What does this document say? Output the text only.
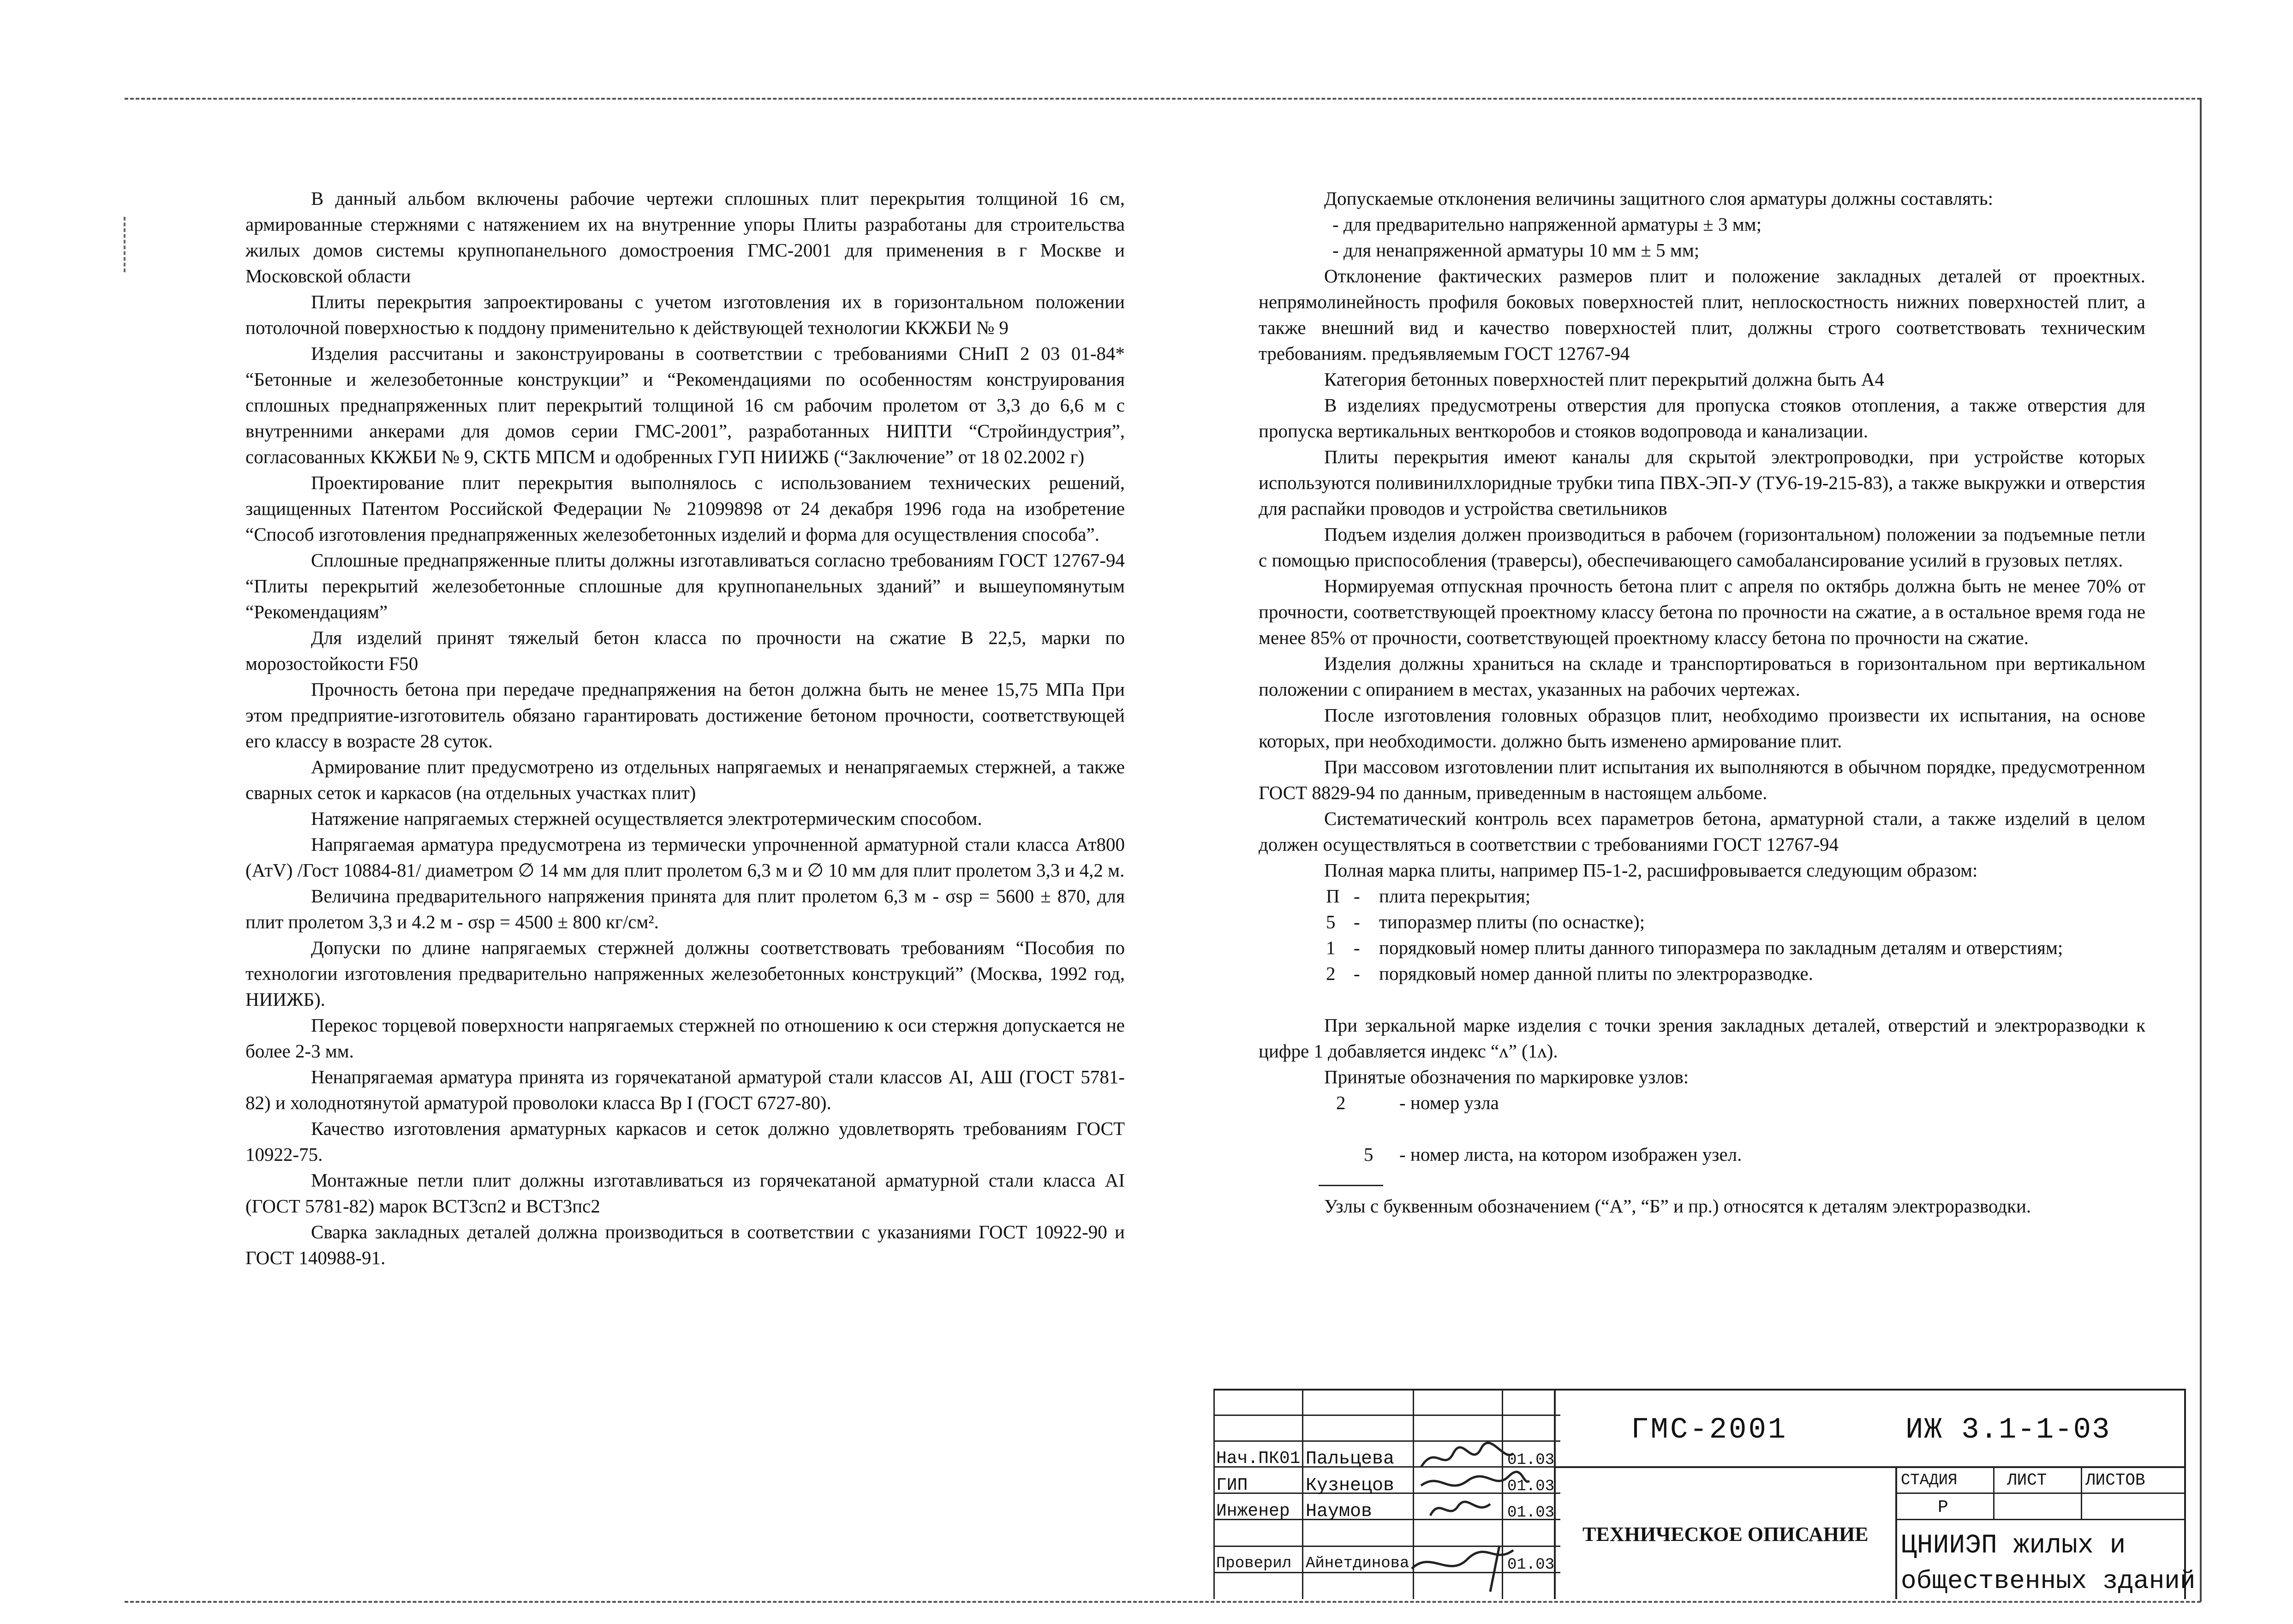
В данный альбом включены рабочие чертежи сплошных плит перекрытия толщиной 16 см, армированные стержнями с натяжением их на внутренние упоры Плиты разработаны для строительства жилых домов системы крупнопанельного домостроения ГМС-2001 для применения в г Москве и Московской области

Плиты перекрытия запроектированы с учетом изготовления их в горизонтальном положении потолочной поверхностью к поддону применительно к действующей технологии ККЖБИ № 9

Изделия рассчитаны и законструированы в соответствии с требованиями СНиП 2 03 01-84* “Бетонные и железобетонные конструкции” и “Рекомендациями по особенностям конструирования сплошных преднапряженных плит перекрытий толщиной 16 см рабочим пролетом от 3,3 до 6,6 м с внутренними анкерами для домов серии ГМС-2001”, разработанных НИПТИ “Стройиндустрия”, согласованных ККЖБИ № 9, СКТБ МПСМ и одобренных ГУП НИИЖБ (“Заключение” от 18 02.2002 г)

Проектирование плит перекрытия выполнялось с использованием технических решений, защищенных Патентом Российской Федерации № 21099898 от 24 декабря 1996 года на изобретение “Способ изготовления преднапряженных железобетонных изделий и форма для осуществления способа”.

Сплошные преднапряженные плиты должны изготавливаться согласно требованиям ГОСТ 12767-94 “Плиты перекрытий железобетонные сплошные для крупнопанельных зданий” и вышеупомянутым “Рекомендациям”

Для изделий принят тяжелый бетон класса по прочности на сжатие В 22,5, марки по морозостойкости F50

Прочность бетона при передаче преднапряжения на бетон должна быть не менее 15,75 МПа При этом предприятие-изготовитель обязано гарантировать достижение бетоном прочности, соответствующей его классу в возрасте 28 суток.

Армирование плит предусмотрено из отдельных напрягаемых и ненапрягаемых стержней, а также сварных сеток и каркасов (на отдельных участках плит)

Натяжение напрягаемых стержней осуществляется электротермическим способом.

Напрягаемая арматура предусмотрена из термически упрочненной арматурной стали класса Ат800 (АтV) /Гост 10884-81/ диаметром ∅ 14 мм для плит пролетом 6,3 м и ∅ 10 мм для плит пролетом 3,3 и 4,2 м.

Величина предварительного напряжения принята для плит пролетом 6,3 м - σsp = 5600 ± 870, для плит пролетом 3,3 и 4.2 м - σsp = 4500 ± 800 кг/см².

Допуски по длине напрягаемых стержней должны соответствовать требованиям “Пособия по технологии изготовления предварительно напряженных железобетонных конструкций” (Москва, 1992 год, НИИЖБ).

Перекос торцевой поверхности напрягаемых стержней по отношению к оси стержня допускается не более 2-3 мм.

Ненапрягаемая арматура принята из горячекатаной арматурой стали классов АI, АШ (ГОСТ 5781-82) и холоднотянутой арматурой проволоки класса Вр I (ГОСТ 6727-80).

Качество изготовления арматурных каркасов и сеток должно удовлетворять требованиям ГОСТ 10922-75.

Монтажные петли плит должны изготавливаться из горячекатаной арматурной стали класса АI (ГОСТ 5781-82) марок ВСТ3сп2 и ВСТ3пс2

Сварка закладных деталей должна производиться в соответствии с указаниями ГОСТ 10922-90 и ГОСТ 140988-91.

Допускаемые отклонения величины защитного слоя арматуры должны составлять:

- для предварительно напряженной арматуры ± 3 мм;

- для ненапряженной арматуры 10 мм ± 5 мм;

Отклонение фактических размеров плит и положение закладных деталей от проектных. непрямолинейность профиля боковых поверхностей плит, неплоскостность нижних поверхностей плит, а также внешний вид и качество поверхностей плит, должны строго соответствовать техническим требованиям. предъявляемым ГОСТ 12767-94

Категория бетонных поверхностей плит перекрытий должна быть А4

В изделиях предусмотрены отверстия для пропуска стояков отопления, а также отверстия для пропуска вертикальных венткоробов и стояков водопровода и канализации.

Плиты перекрытия имеют каналы для скрытой электропроводки, при устройстве которых используются поливинилхлоридные трубки типа ПВХ-ЭП-У (ТУ6-19-215-83), а также выкружки и отверстия для распайки проводов и устройства светильников

Подъем изделия должен производиться в рабочем (горизонтальном) положении за подъемные петли с помощью приспособления (траверсы), обеспечивающего самобалансирование усилий в грузовых петлях.

Нормируемая отпускная прочность бетона плит с апреля по октябрь должна быть не менее 70% от прочности, соответствующей проектному классу бетона по прочности на сжатие, а в остальное время года не менее 85% от прочности, соответствующей проектному классу бетона по прочности на сжатие.

Изделия должны храниться на складе и транспортироваться в горизонтальном при вертикальном положении с опиранием в местах, указанных на рабочих чертежах.

После изготовления головных образцов плит, необходимо произвести их испытания, на основе которых, при необходимости. должно быть изменено армирование плит.

При массовом изготовлении плит испытания их выполняются в обычном порядке, предусмотренном ГОСТ 8829-94 по данным, приведенным в настоящем альбоме.

Систематический контроль всех параметров бетона, арматурной стали, а также изделий в целом должен осуществляться в соответствии с требованиями ГОСТ 12767-94

Полная марка плиты, например П5-1-2, расшифровывается следующим образом:

П -	плита перекрытия;
5 -	типоразмер плиты (по оснастке);
1 -	порядковый номер плиты данного типоразмера по закладным деталям и отверстиям;
2 -	порядковый номер данной плиты по электроразводке.

При зеркальной марке изделия с точки зрения закладных деталей, отверстий и электроразводки к цифре 1 добавляется индекс “ᴧ” (1ᴧ).

Принятые обозначения по маркировке узлов:

2	- номер узла
5 - номер листа, на котором изображен узел.

Узлы с буквенным обозначением (“А”, “Б” и пр.) относятся к деталям электроразводки.

ГМС-2001	ИЖ 3.1-1-03
Нач.ПК01 Пальцева	01.03
ГИП	Кузнецов	01.03
Инженер Наумов	01.03
Проверил Айнетдинова	01.03
ТЕХНИЧЕСКОЕ ОПИСАНИЕ
СТАДИЯ	ЛИСТ ЛИСТОВ
Р
ЦНИИЭП жилых и
общественных зданий
